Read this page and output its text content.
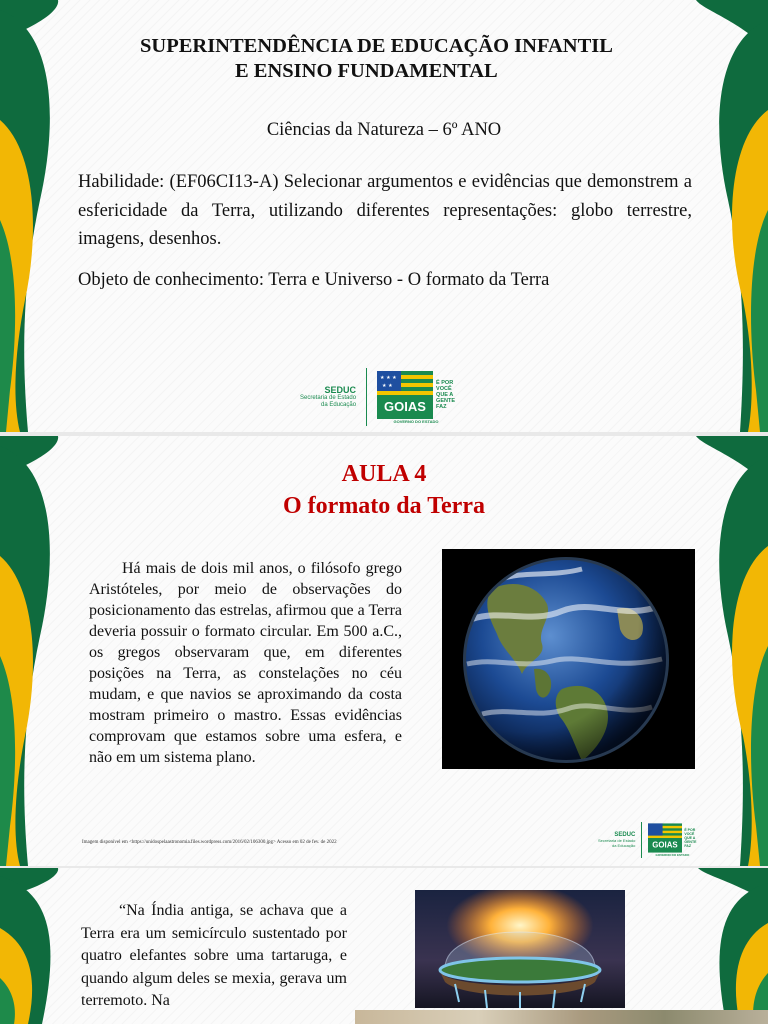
SUPERINTENDÊNCIA DE EDUCAÇÃO INFANTIL
E ENSINO FUNDAMENTAL
Ciências da Natureza – 6º ANO

Habilidade: (EF06CI13-A) Selecionar argumentos e evidências que demonstrem a esfericidade da Terra, utilizando diferentes representações: globo terrestre, imagens, desenhos.

Objeto de conhecimento: Terra e Universo - O formato da Terra

SEDUC
Secretaria de Estado
da Educação
★ ★ ★
★ ★
GOIAS
É POR
VOCÊ
QUE A
GENTE
FAZ
GOVERNO DO ESTADO
AULA 4
O formato da Terra

Há mais de dois mil anos, o filósofo grego Aristóteles, por meio de observações do posicionamento das estrelas, afirmou que a Terra deveria possuir o formato circular. Em 500 a.C., os gregos observaram que, em diferentes posições na Terra, as constelações no céu mudam, e que navios se aproximando da costa mostram primeiro o mastro. Essas evidências comprovam que estamos sobre uma esfera, e não em um sistema plano.

Imagem disponível em <https://unidospelaastronomia.files.wordpress.com/2016/02/106300.jpg> Acesso em 02 de fev. de 2022
SEDUC
Secretaria de Estado
da Educação GOIAS
É POR
VOCÊ
QUE A
GENTE
FAZ
GOVERNO DO ESTADO

“Na Índia antiga, se achava que a Terra era um semicírculo sustentado por quatro elefantes sobre uma tartaruga, e quando algum deles se mexia, gerava um terremoto. Na
